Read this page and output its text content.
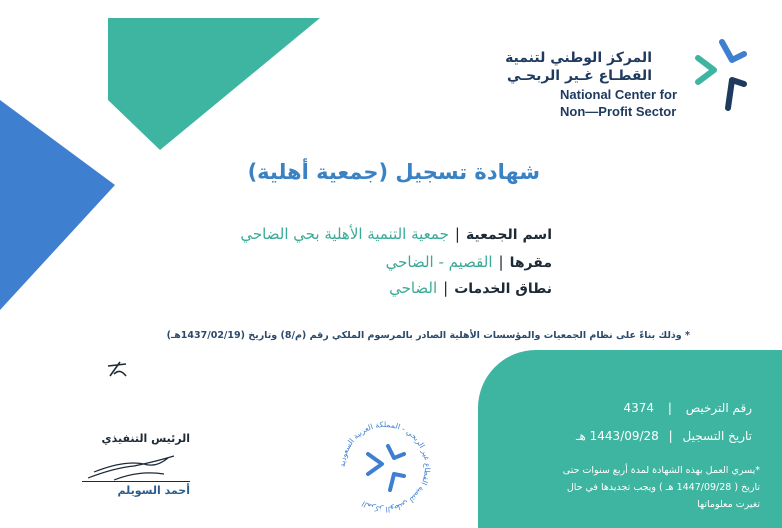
المركز الوطني لتنمية
القطـاع غـير الربحـي
National Center for
Non—Profit Sector
شهادة تسجيل (جمعية أهلية)
اسم الجمعية|جمعية التنمية الأهلية بحي الضاحي
مقرها|القصيم - الضاحي
نطاق الخدمات|الضاحي
* وذلك بناءً على نظام الجمعيات والمؤسسات الأهلية الصادر بالمرسوم الملكي رقم (م/8) وتاريخ (1437/02/19هـ)
رقم الترخيص | 4374
تاريخ التسجيل | 1443/09/28 هـ
*يسري العمل بهذه الشهادة لمدة أربع سنوات حتى
تاريخ ( 1447/09/28 هـ ) ويجب تجديدها في حال
تغيرت معلوماتها
المركز الوطني لتنمية القطاع غير الربحي - المملكة العربية السعودية
الرئيس التنفيذي
أحمد السويلم
